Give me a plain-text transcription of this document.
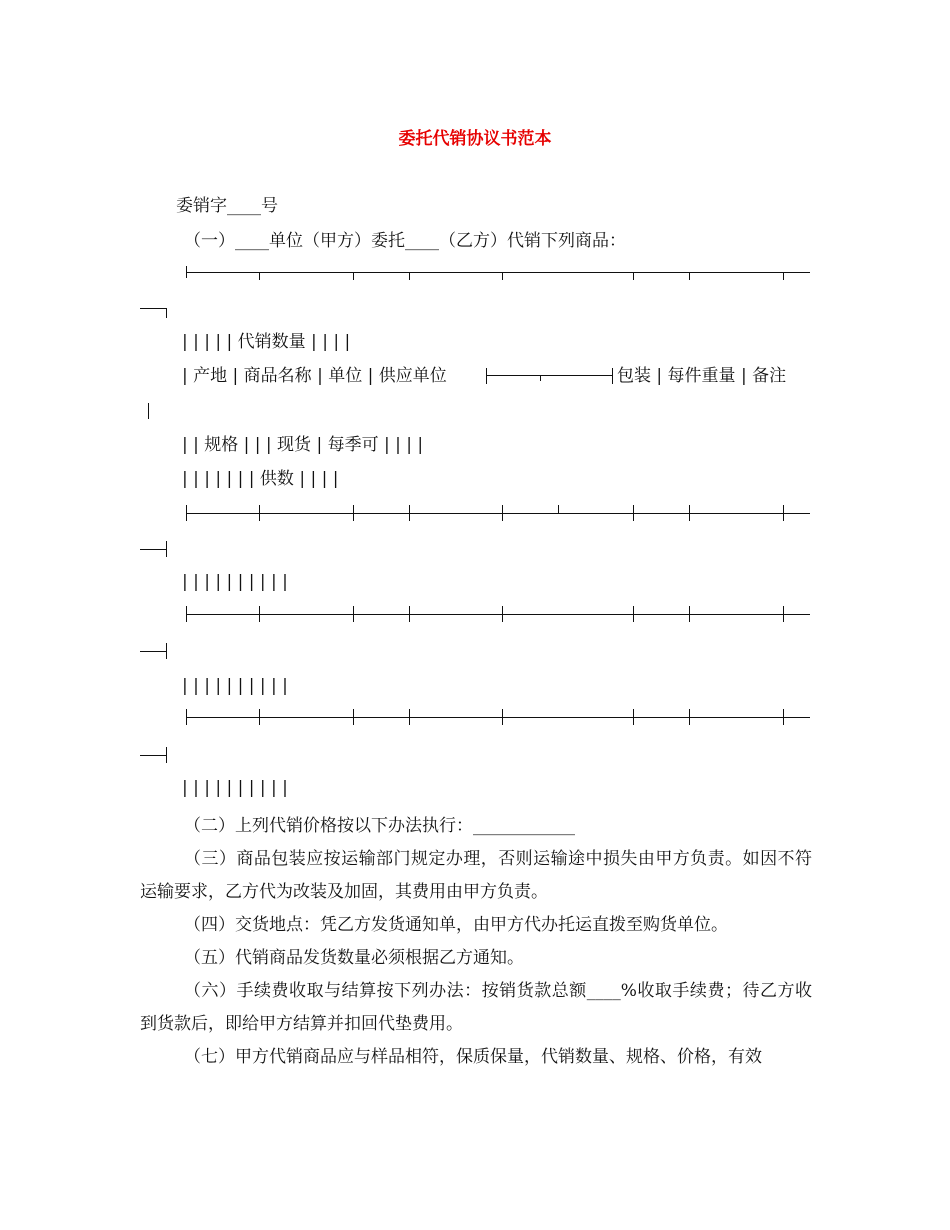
委托代销协议书范本
委销字____号
（一）____单位（甲方）委托____（乙方）代销下列商品：
| | | | | 代销数量 | | | |
| 产地 | 商品名称 | 单位 | 供应单位	包装 | 每件重量 | 备注
| | 规格 | | | 现货 | 每季可 | | | |
| | | | | | | 供数 | | | |
| | | | | | | | | |
| | | | | | | | | |
| | | | | | | | | |
（二）上列代销价格按以下办法执行：____________
（三）商品包装应按运输部门规定办理，否则运输途中损失由甲方负责。如因不符运输要求，乙方代为改装及加固，其费用由甲方负责。
（四）交货地点：凭乙方发货通知单，由甲方代办托运直拨至购货单位。
（五）代销商品发货数量必须根据乙方通知。
（六）手续费收取与结算按下列办法：按销货款总额____%收取手续费；待乙方收到货款后，即给甲方结算并扣回代垫费用。
（七）甲方代销商品应与样品相符，保质保量，代销数量、规格、价格，有效
